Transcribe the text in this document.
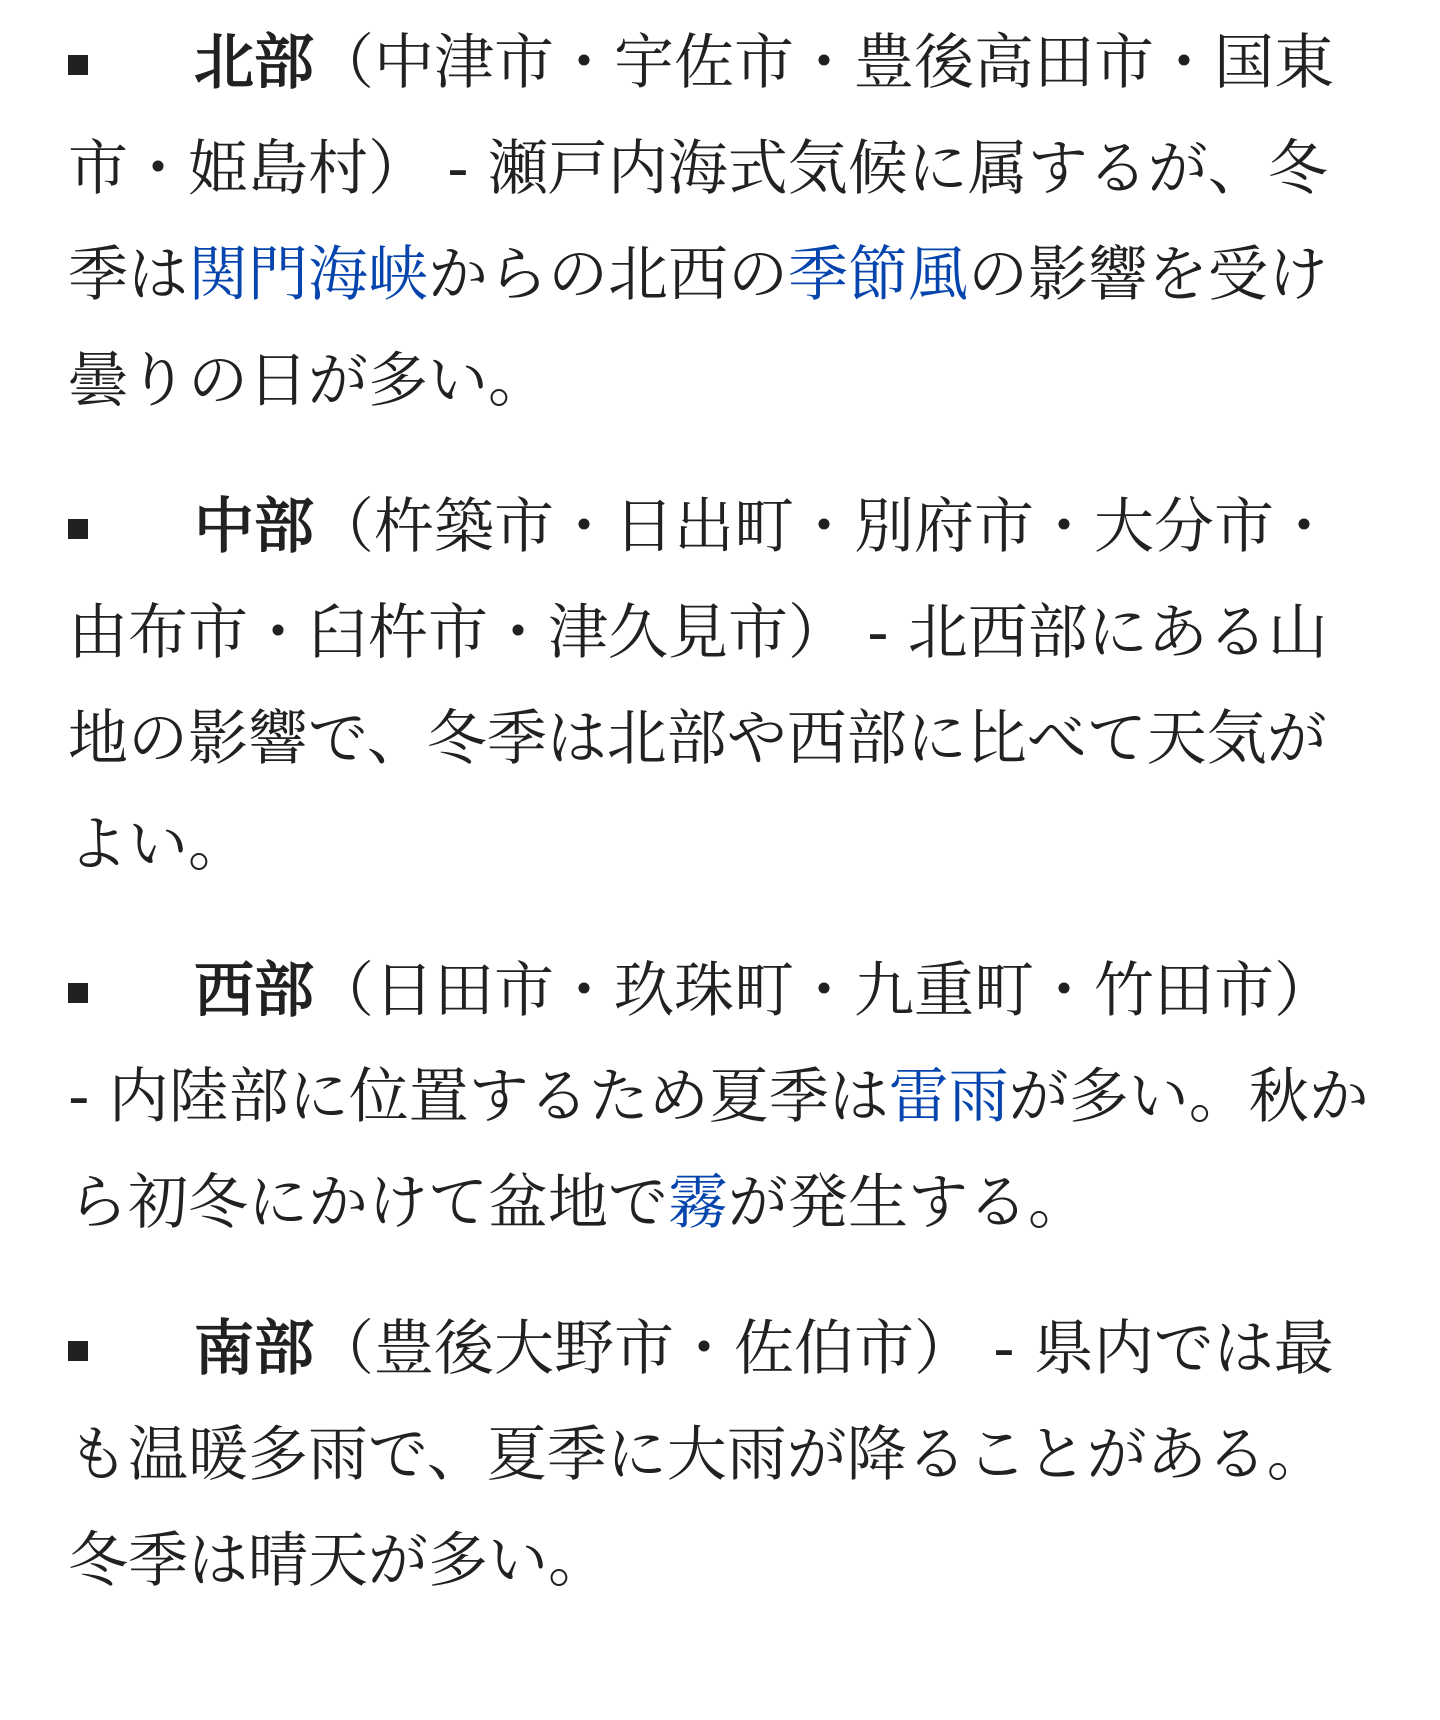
北部（中津市・宇佐市・豊後高田市・国東市・姫島村） - 瀬戸内海式気候に属するが、冬季は関門海峡からの北西の季節風の影響を受け曇りの日が多い。
中部（杵築市・日出町・別府市・大分市・由布市・臼杵市・津久見市） - 北西部にある山地の影響で、冬季は北部や西部に比べて天気がよい。
西部（日田市・玖珠町・九重町・竹田市） - 内陸部に位置するため夏季は雷雨が多い。秋から初冬にかけて盆地で霧が発生する。
南部（豊後大野市・佐伯市） - 県内では最も温暖多雨で、夏季に大雨が降ることがある。冬季は晴天が多い。
